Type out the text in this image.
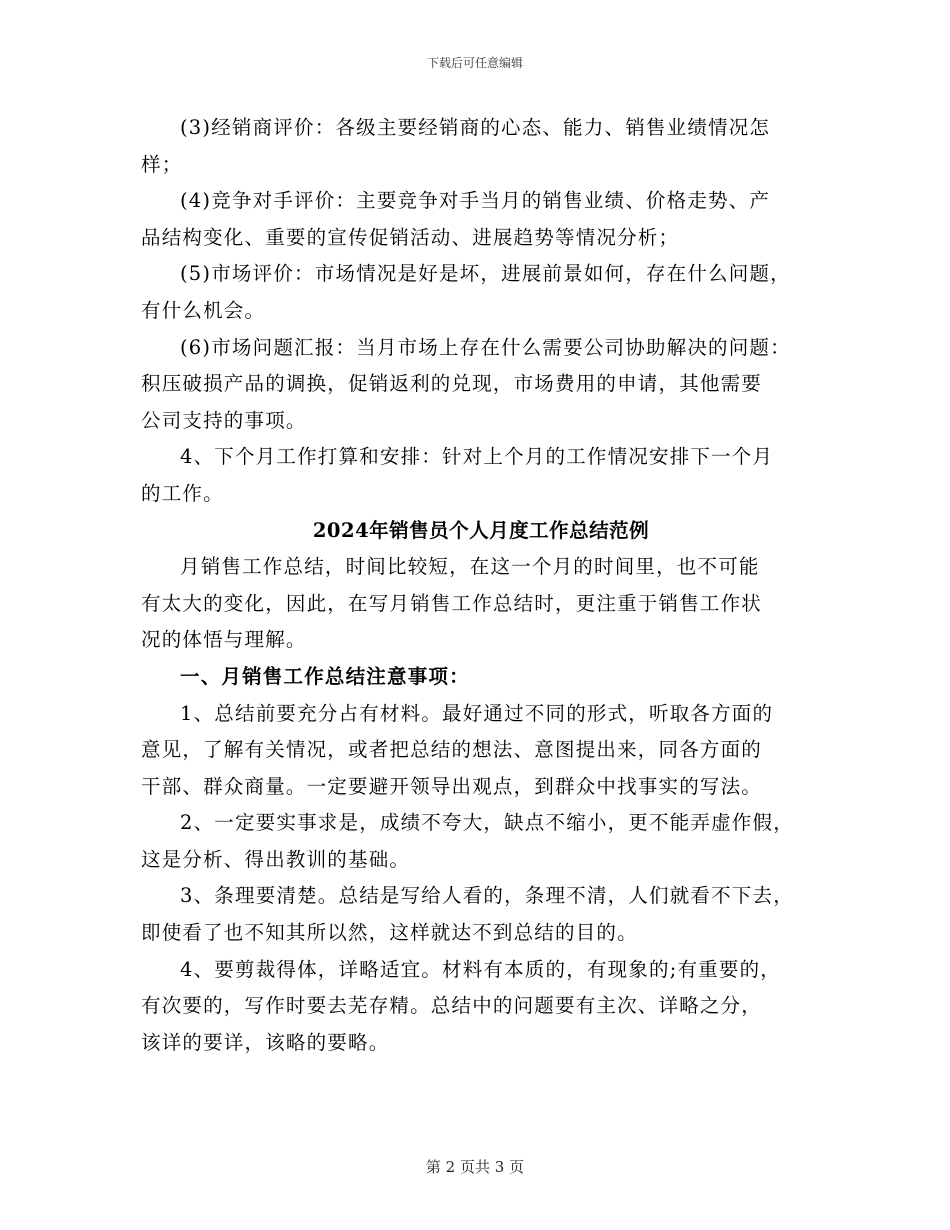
下载后可任意编辑
(3)经销商评价：各级主要经销商的心态、能力、销售业绩情况怎
样；
(4)竞争对手评价：主要竞争对手当月的销售业绩、价格走势、产
品结构变化、重要的宣传促销活动、进展趋势等情况分析；
(5)市场评价：市场情况是好是坏，进展前景如何，存在什么问题，
有什么机会。
(6)市场问题汇报：当月市场上存在什么需要公司协助解决的问题：
积压破损产品的调换，促销返利的兑现，市场费用的申请，其他需要
公司支持的事项。
4、下个月工作打算和安排：针对上个月的工作情况安排下一个月
的工作。
2024年销售员个人月度工作总结范例
月销售工作总结，时间比较短，在这一个月的时间里，也不可能
有太大的变化，因此，在写月销售工作总结时，更注重于销售工作状
况的体悟与理解。
一、月销售工作总结注意事项：
1、总结前要充分占有材料。最好通过不同的形式，听取各方面的
意见，了解有关情况，或者把总结的想法、意图提出来，同各方面的
干部、群众商量。一定要避开领导出观点，到群众中找事实的写法。
2、一定要实事求是，成绩不夸大，缺点不缩小，更不能弄虚作假，
这是分析、得出教训的基础。
3、条理要清楚。总结是写给人看的，条理不清，人们就看不下去，
即使看了也不知其所以然，这样就达不到总结的目的。
4、要剪裁得体，详略适宜。材料有本质的，有现象的;有重要的，
有次要的，写作时要去芜存精。总结中的问题要有主次、详略之分，
该详的要详，该略的要略。
第 2 页共 3 页
